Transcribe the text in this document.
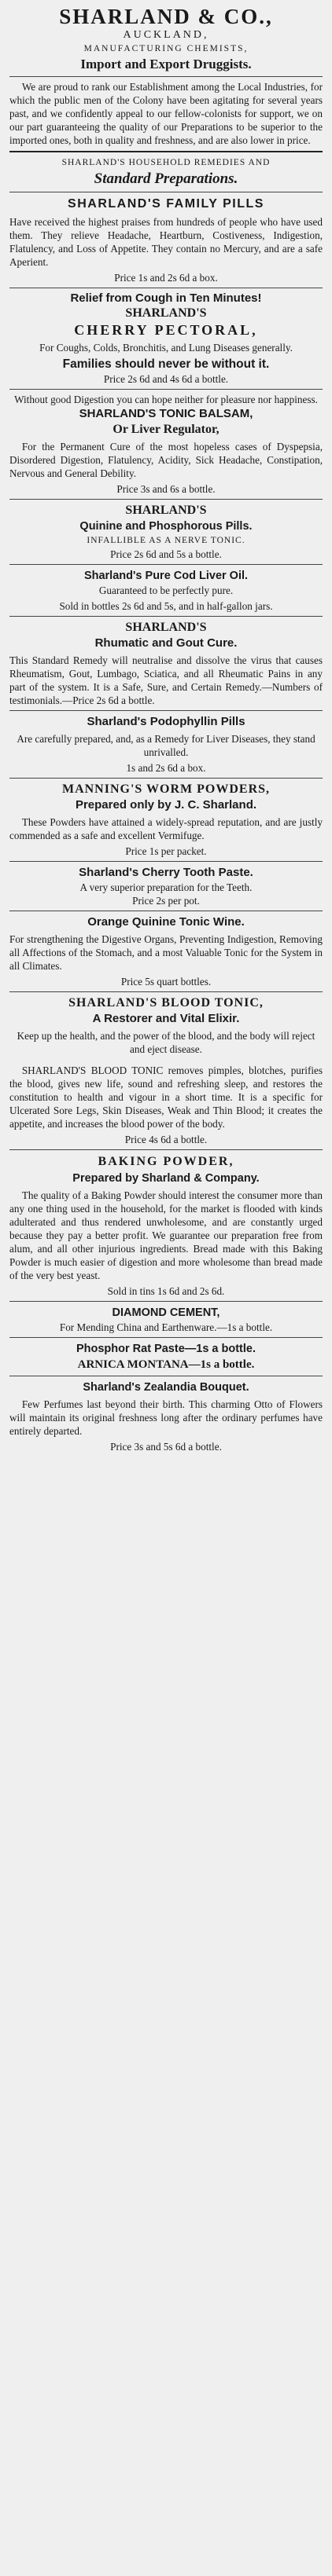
SHARLAND & CO.,
AUCKLAND,
MANUFACTURING CHEMISTS,
Import and Export Druggists.
We are proud to rank our Establishment among the Local Industries, for which the public men of the Colony have been agitating for several years past, and we confidently appeal to our fellow-colonists for support, we on our part guaranteeing the quality of our Preparations to be superior to the imported ones, both in quality and freshness, and are also lower in price.
SHARLAND'S HOUSEHOLD REMEDIES AND
Standard Preparations.
SHARLAND'S FAMILY PILLS
Have received the highest praises from hundreds of people who have used them. They relieve Headache, Heartburn, Costiveness, Indigestion, Flatulency, and Loss of Appetite. They contain no Mercury, and are a safe Aperient.
Price 1s and 2s 6d a box.
Relief from Cough in Ten Minutes!
SHARLAND'S
CHERRY PECTORAL,
For Coughs, Colds, Bronchitis, and Lung Diseases generally.
Families should never be without it.
Price 2s 6d and 4s 6d a bottle.
Without good Digestion you can hope neither for pleasure nor happiness.
SHARLAND'S TONIC BALSAM,
Or Liver Regulator,
For the Permanent Cure of the most hopeless cases of Dyspepsia, Disordered Digestion, Flatulency, Acidity, Sick Headache, Constipation, Nervous and General Debility.
Price 3s and 6s a bottle.
SHARLAND'S
Quinine and Phosphorous Pills.
INFALLIBLE AS A NERVE TONIC.
Price 2s 6d and 5s a bottle.
Sharland's Pure Cod Liver Oil.
Guaranteed to be perfectly pure.
Sold in bottles 2s 6d and 5s, and in half-gallon jars.
SHARLAND'S
Rhumatic and Gout Cure.
This Standard Remedy will neutralise and dissolve the virus that causes Rheumatism, Gout, Lumbago, Sciatica, and all Rheumatic Pains in any part of the system. It is a Safe, Sure, and Certain Remedy.—Numbers of testimonials.—Price 2s 6d a bottle.
Sharland's Podophyllin Pills
Are carefully prepared, and, as a Remedy for Liver Diseases, they stand unrivalled.
1s and 2s 6d a box.
MANNING'S WORM POWDERS,
Prepared only by J. C. Sharland.
These Powders have attained a widely-spread reputation, and are justly commended as a safe and excellent Vermifuge.
Price 1s per packet.
Sharland's Cherry Tooth Paste.
A very superior preparation for the Teeth.
Price 2s per pot.
Orange Quinine Tonic Wine.
For strengthening the Digestive Organs, Preventing Indigestion, Removing all Affections of the Stomach, and a most Valuable Tonic for the System in all Climates.
Price 5s quart bottles.
SHARLAND'S BLOOD TONIC,
A Restorer and Vital Elixir.
Keep up the health, and the power of the blood, and the body will reject and eject disease.
SHARLAND'S BLOOD TONIC removes pimples, blotches, purifies the blood, gives new life, sound and refreshing sleep, and restores the constitution to health and vigour in a short time. It is a specific for Ulcerated Sore Legs, Skin Diseases, Weak and Thin Blood; it creates the appetite, and increases the blood power of the body.
Price 4s 6d a bottle.
BAKING POWDER,
Prepared by Sharland & Company.
The quality of a Baking Powder should interest the consumer more than any one thing used in the household, for the market is flooded with kinds adulterated and thus rendered unwholesome, and are constantly urged because they pay a better profit. We guarantee our preparation free from alum, and all other injurious ingredients. Bread made with this Baking Powder is much easier of digestion and more wholesome than bread made of the very best yeast.
Sold in tins 1s 6d and 2s 6d.
DIAMOND CEMENT,
For Mending China and Earthenware.—1s a bottle.
Phosphor Rat Paste—1s a bottle.
ARNICA MONTANA—1s a bottle.
Sharland's Zealandia Bouquet.
Few Perfumes last beyond their birth. This charming Otto of Flowers will maintain its original freshness long after the ordinary perfumes have entirely departed.
Price 3s and 5s 6d a bottle.
